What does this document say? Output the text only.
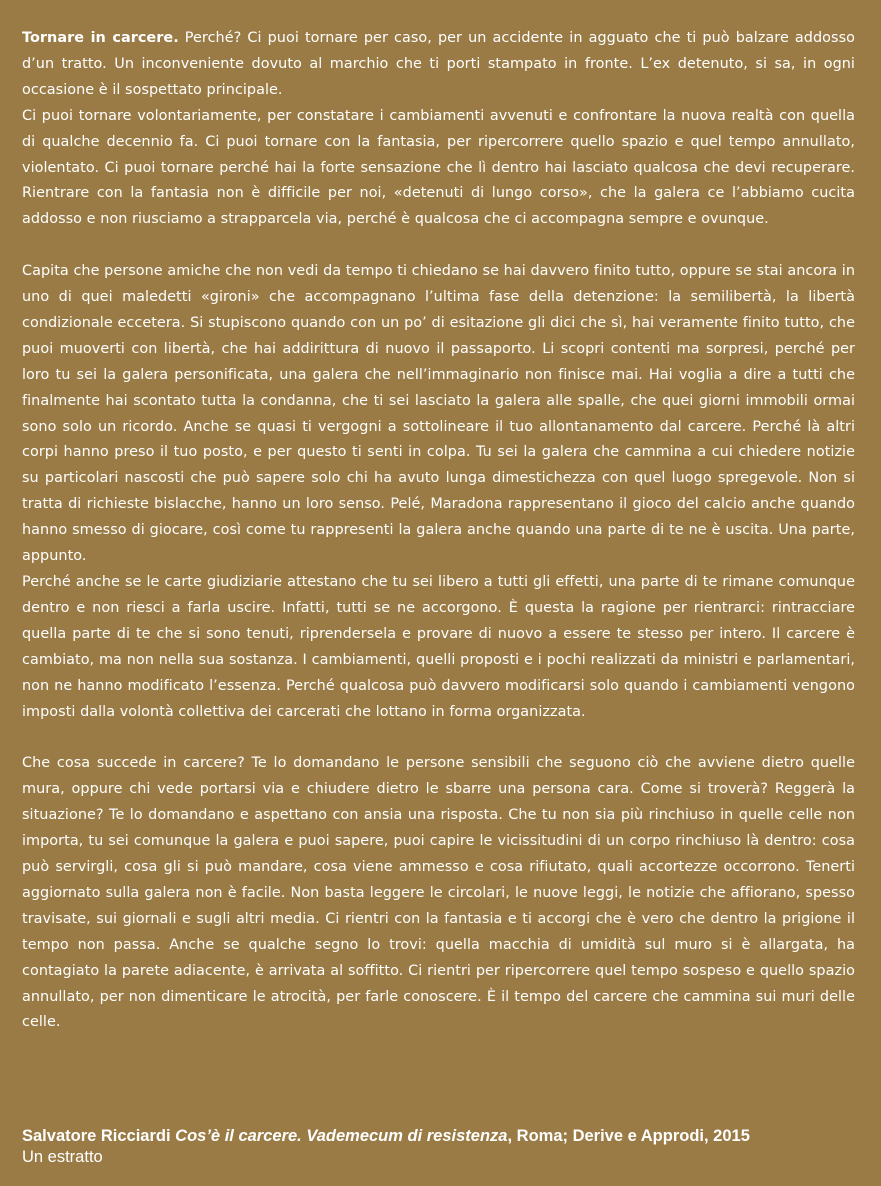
Tornare in carcere. Perché? Ci puoi tornare per caso, per un accidente in agguato che ti può balzare addosso d’un tratto. Un inconveniente dovuto al marchio che ti porti stampato in fronte. L’ex detenuto, si sa, in ogni occasione è il sospettato principale.

Ci puoi tornare volontariamente, per constatare i cambiamenti avvenuti e confrontare la nuova realtà con quella di qualche decennio fa. Ci puoi tornare con la fantasia, per ripercorrere quello spazio e quel tempo annullato, violentato. Ci puoi tornare perché hai la forte sensazione che lì dentro hai lasciato qualcosa che devi recuperare. Rientrare con la fantasia non è difficile per noi, «detenuti di lungo corso», che la galera ce l’abbiamo cucita addosso e non riusciamo a strapparcela via, perché è qualcosa che ci accompagna sempre e ovunque.

Capita che persone amiche che non vedi da tempo ti chiedano se hai davvero finito tutto, oppure se stai ancora in uno di quei maledetti «gironi» che accompagnano l’ultima fase della detenzione: la semilibertà, la libertà condizionale eccetera. Si stupiscono quando con un po’ di esitazione gli dici che sì, hai veramente finito tutto, che puoi muoverti con libertà, che hai addirittura di nuovo il passaporto. Li scopri contenti ma sorpresi, perché per loro tu sei la galera personificata, una galera che nell’immaginario non finisce mai. Hai voglia a dire a tutti che finalmente hai scontato tutta la condanna, che ti sei lasciato la galera alle spalle, che quei giorni immobili ormai sono solo un ricordo. Anche se quasi ti vergogni a sottolineare il tuo allontanamento dal carcere. Perché là altri corpi hanno preso il tuo posto, e per questo ti senti in colpa. Tu sei la galera che cammina a cui chiedere notizie su particolari nascosti che può sapere solo chi ha avuto lunga dimestichezza con quel luogo spregevole. Non si tratta di richieste bislacche, hanno un loro senso. Pelé, Maradona rappresentano il gioco del calcio anche quando hanno smesso di giocare, così come tu rappresenti la galera anche quando una parte di te ne è uscita. Una parte, appunto.

Perché anche se le carte giudiziarie attestano che tu sei libero a tutti gli effetti, una parte di te rimane comunque dentro e non riesci a farla uscire. Infatti, tutti se ne accorgono. È questa la ragione per rientrarci: rintracciare quella parte di te che si sono tenuti, riprendersela e provare di nuovo a essere te stesso per intero. Il carcere è cambiato, ma non nella sua sostanza. I cambiamenti, quelli proposti e i pochi realizzati da ministri e parlamentari, non ne hanno modificato l’essenza. Perché qualcosa può davvero modificarsi solo quando i cambiamenti vengono imposti dalla volontà collettiva dei carcerati che lottano in forma organizzata.

Che cosa succede in carcere? Te lo domandano le persone sensibili che seguono ciò che avviene dietro quelle mura, oppure chi vede portarsi via e chiudere dietro le sbarre una persona cara. Come si troverà? Reggerà la situazione? Te lo domandano e aspettano con ansia una risposta. Che tu non sia più rinchiuso in quelle celle non importa, tu sei comunque la galera e puoi sapere, puoi capire le vicissitudini di un corpo rinchiuso là dentro: cosa può servirgli, cosa gli si può mandare, cosa viene ammesso e cosa rifiutato, quali accortezze occorrono. Tenerti aggiornato sulla galera non è facile. Non basta leggere le circolari, le nuove leggi, le notizie che affiorano, spesso travisate, sui giornali e sugli altri media. Ci rientri con la fantasia e ti accorgi che è vero che dentro la prigione il tempo non passa. Anche se qualche segno lo trovi: quella macchia di umidità sul muro si è allargata, ha contagiato la parete adiacente, è arrivata al soffitto. Ci rientri per ripercorrere quel tempo sospeso e quello spazio annullato, per non dimenticare le atrocità, per farle conoscere. È il tempo del carcere che cammina sui muri delle celle.

Salvatore Ricciardi Cos’è il carcere. Vademecum di resistenza, Roma; Derive e Approdi, 2015
Un estratto
